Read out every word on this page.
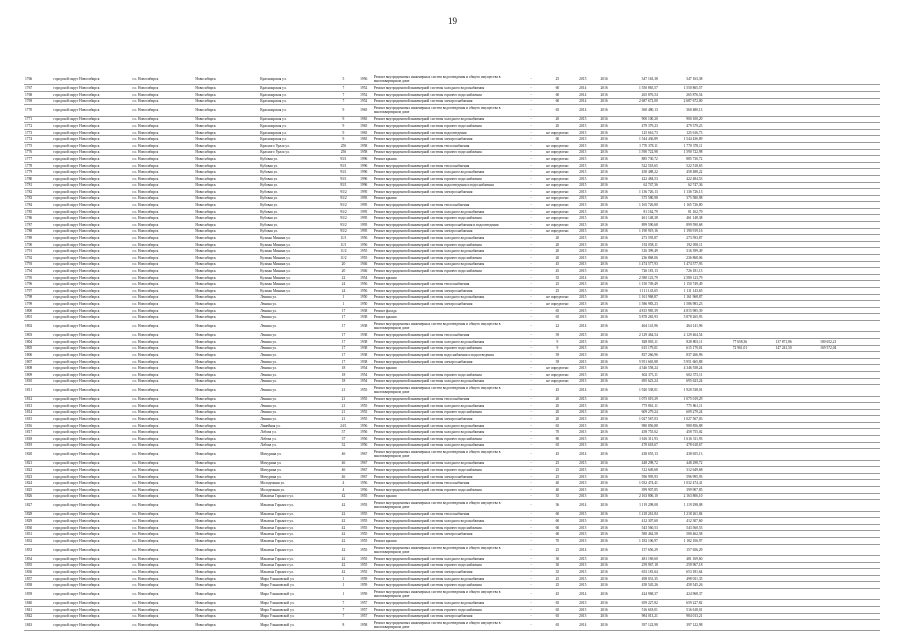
19
1766	городской округ Новосибирск	г.о. Новосибирск	Новосибирск	Красноярская ул.	5	1956	Ремонт внутридомовых инженерных систем водоотведения и общего имущества в многоквартирном доме	-	25	2015	2016	347 163,38	347 163,38				
1767	городской округ Новосибирск	г.о. Новосибирск	Новосибирск	Красноярская ул.	7	1952	Ремонт внутридомовой инженерной системы холодного водоснабжения	-	60	2014	2016	1 550 865,57	1 550 865,57				
1768	городской округ Новосибирск	г.о. Новосибирск	Новосибирск	Красноярская ул.	7	1952	Ремонт внутридомовой инженерной системы горячего водоснабжения	-	60	2014	2016	265 876,54	265 876,54				
1769	городской округ Новосибирск	г.о. Новосибирск	Новосибирск	Красноярская ул.	7	1952	Ремонт внутридомовой инженерной системы электроснабжения	-	60	2014	2016	2 687 672,00	2 687 672,00				
1770	городской округ Новосибирск	г.о. Новосибирск	Новосибирск	Красноярская ул.	9	1965	Ремонт внутридомовых инженерных систем водоотведения и общего имущества в многоквартирном доме	-	65	2014	2016	360 480,13	360 480,13				
1771	городской округ Новосибирск	г.о. Новосибирск	Новосибирск	Красноярская ул.	9	1965	Ремонт внутридомовой инженерной системы холодного водоснабжения	-	20	2015	2016	900 100,20	900 100,20				
1772	городской округ Новосибирск	г.о. Новосибирск	Новосибирск	Красноярская ул.	9	1965	Ремонт внутридомовой инженерной системы горячего водоснабжения	-	20	2015	2016	479 379,23	479 379,23				
1773	городской округ Новосибирск	г.о. Новосибирск	Новосибирск	Красноярская ул.	9	1965	Ремонт внутридомовой инженерной системы водоотведения	-	не определено	2015	2016	125 616,73	125 616,73				
1774	городской округ Новосибирск	г.о. Новосибирск	Новосибирск	Красноярская ул.	9	1965	Ремонт внутридомовой инженерной системы электроснабжения	-	60	2015	2016	1 544 436,89	1 544 436,89				
1775	городской округ Новосибирск	г.о. Новосибирск	Новосибирск	Красного Урала ул.	256	1958	Ремонт внутридомовой инженерной системы теплоснабжения	-	не определено	2015	2016	1 770 378,11	1 770 378,11				
1776	городской округ Новосибирск	г.о. Новосибирск	Новосибирск	Красного Урала ул.	256	1958	Ремонт внутридомовой инженерной системы горячего водоснабжения	-	не определено	2015	2016	1 590 722,98	1 590 722,98				
1777	городской округ Новосибирск	г.о. Новосибирск	Новосибирск	Кубовая ул.	93/1	1996	Ремонт крыши	-	не определено	2015	2016	885 730,72	885 730,72				
1778	городской округ Новосибирск	г.о. Новосибирск	Новосибирск	Кубовая ул.	93/1	1996	Ремонт внутридомовой инженерной системы теплоснабжения	-	не определено	2015	2016	522 518,65	522 518,65				
1779	городской округ Новосибирск	г.о. Новосибирск	Новосибирск	Кубовая ул.	93/1	1996	Ремонт внутридомовой инженерной системы холодного водоснабжения	-	не определено	2015	2016	458 488,22	458 488,22				
1780	городской округ Новосибирск	г.о. Новосибирск	Новосибирск	Кубовая ул.	93/1	1996	Ремонт внутридомовой инженерной системы горячего водоснабжения	-	не определено	2015	2016	422 484,53	422 484,53				
1781	городской округ Новосибирск	г.о. Новосибирск	Новосибирск	Кубовая ул.	93/1	1996	Ремонт внутридомовой инженерной системы водоотведения и водоснабжения	-	не определено	2015	2016	62 747,36	62 747,36				
1782	городской округ Новосибирск	г.о. Новосибирск	Новосибирск	Кубовая ул.	93/2	1995	Ремонт внутридомовой инженерной системы электроснабжения	-	не определено	2015	2016	1 136 726,13	1 136 726,13				
1783	городской округ Новосибирск	г.о. Новосибирск	Новосибирск	Кубовая ул.	93/2	1995	Ремонт крыши	-	не определено	2015	2016	375 580,98	375 580,98				
1784	городской округ Новосибирск	г.о. Новосибирск	Новосибирск	Кубовая ул.	93/2	1995	Ремонт внутридомовой инженерной системы теплоснабжения	-	не определено	2015	2016	1 165 726,80	1 165 726,80				
1785	городской округ Новосибирск	г.о. Новосибирск	Новосибирск	Кубовая ул.	93/2	1995	Ремонт внутридомовой инженерной системы холодного водоснабжения	-	не определено	2015	2016	81 162,79	81 162,79				
1786	городской округ Новосибирск	г.о. Новосибирск	Новосибирск	Кубовая ул.	93/2	1995	Ремонт внутридомовой инженерной системы горячего водоснабжения	-	не определено	2015	2016	461 148,38	461 148,38				
1787	городской округ Новосибирск	г.о. Новосибирск	Новосибирск	Кубовая ул.	93/2	1995	Ремонт внутридомовой инженерной системы электроснабжения и водоотведения	-	не определено	2015	2016	899 590,68	899 590,68				
1788	городской округ Новосибирск	г.о. Новосибирск	Новосибирск	Кубовая ул.	93/2	1995	Ремонт внутридомовой инженерной системы электроснабжения	-	не определено	2015	2016	1 190 919,16	1 190 919,16				
1789	городской округ Новосибирск	г.о. Новосибирск	Новосибирск	Кузьмы Минина ул.	11/1	1956	Ремонт внутридомовой инженерной системы холодного водоснабжения	-	20	2015	2016	273 593,87	273 593,87				
1790	городской округ Новосибирск	г.о. Новосибирск	Новосибирск	Кузьмы Минина ул.	11/1	1956	Ремонт внутридомовой инженерной системы горячего водоснабжения	-	20	2015	2016	192 058,11	192 058,11				
1791	городской округ Новосибирск	г.о. Новосибирск	Новосибирск	Кузьмы Минина ул.	11/2	1955	Ремонт внутридомовой инженерной системы холодного водоснабжения	-	20	2015	2016	316 399,49	316 399,49				
1792	городской округ Новосибирск	г.о. Новосибирск	Новосибирск	Кузьмы Минина ул.	11/2	1955	Ремонт внутридомовой инженерной системы горячего водоснабжения	-	20	2015	2016	236 868,06	236 868,06				
1793	городской округ Новосибирск	г.о. Новосибирск	Новосибирск	Кузьмы Минина ул.	20	1946	Ремонт внутридомовой инженерной системы холодного водоснабжения	-	45	2015	2016	1 474 577,93	1 474 577,93				
1794	городской округ Новосибирск	г.о. Новосибирск	Новосибирск	Кузьмы Минина ул.	20	1946	Ремонт внутридомовой инженерной системы горячего водоснабжения	-	45	2015	2016	726 181,13	726 181,13				
1795	городской округ Новосибирск	г.о. Новосибирск	Новосибирск	Кузьмы Минина ул.	22	1954	Ремонт крыши	-	35	2014	2016	2 580 123,79	2 580 123,79				
1796	городской округ Новосибирск	г.о. Новосибирск	Новосибирск	Кузьмы Минина ул.	24	1956	Ремонт внутридомовой инженерной системы теплоснабжения	-	25	2015	2016	1 150 749,49	1 150 749,49				
1797	городской округ Новосибирск	г.о. Новосибирск	Новосибирск	Кузьмы Минина ул.	24	1956	Ремонт внутридомовой инженерной системы электроснабжения	-	25	2015	2016	1 111 143,65	1 111 143,65				
1798	городской округ Новосибирск	г.о. Новосибирск	Новосибирск	Ленина ул.	1	1950	Ремонт внутридомовой инженерной системы холодного водоснабжения	-	не определено	2015	2016	1 161 968,87	1 161 968,87				
1799	городской округ Новосибирск	г.о. Новосибирск	Новосибирск	Ленина ул.	1	1950	Ремонт внутридомовой инженерной системы электроснабжения	-	не определено	2015	2016	1 586 983,23	1 586 983,23				
1800	городской округ Новосибирск	г.о. Новосибирск	Новосибирск	Ленина ул.	17	1938	Ремонт фасада	-	65	2015	2016	4 815 985,39	4 815 985,39				
1801	городской округ Новосибирск	г.о. Новосибирск	Новосибирск	Ленина ул.	17	1938	Ремонт крыши	-	65	2015	2016	5 878 265,93	5 878 265,93				
1802	городской округ Новосибирск	г.о. Новосибирск	Новосибирск	Ленина ул.	17	1938	Ремонт внутридомовых инженерных систем водоотведения и общего имущества в многоквартирном доме	-	22	2014	2016	464 141,96	464 141,96				
1803	городской округ Новосибирск	г.о. Новосибирск	Новосибирск	Ленина ул.	17	1938	Ремонт внутридомовой инженерной системы теплоснабжения	-	39	2015	2016	2 129 464,54	2 129 464,54				
1804	городской округ Новосибирск	г.о. Новосибирск	Новосибирск	Ленина ул.	17	1938	Ремонт внутридомовой инженерной системы холодного водоснабжения	-	9	2015	2016	828 803,11	828 803,11	77 658,36	137 871,86	180 652,21	
1805	городской округ Новосибирск	г.о. Новосибирск	Новосибирск	Ленина ул.	17	1938	Ремонт внутридомовой инженерной системы горячего водоснабжения	-	9	2015	2016	615 179,01	615 179,01	72 961,01	147 241,50	169 572,04	
1806	городской округ Новосибирск	г.о. Новосибирск	Новосибирск	Ленина ул.	17	1938	Ремонт внутридомовой инженерной системы водоснабжения и водоотведения	-	39	2015	2016	837 266,96	837 266,96				
1807	городской округ Новосибирск	г.о. Новосибирск	Новосибирск	Ленина ул.	17	1938	Ремонт внутридомовой инженерной системы электроснабжения	-	39	2015	2016	5 951 665,88	5 951 665,88				
1808	городской округ Новосибирск	г.о. Новосибирск	Новосибирск	Ленина ул.	18	1954	Ремонт крыши	-	не определено	2015	2016	4 346 558,24	4 346 558,24				
1809	городской округ Новосибирск	г.о. Новосибирск	Новосибирск	Ленина ул.	18	1954	Ремонт внутридомовой инженерной системы горячего водоснабжения	-	не определено	2015	2016	602 373,11	602 373,11				
1810	городской округ Новосибирск	г.о. Новосибирск	Новосибирск	Ленина ул.	18	1954	Ремонт внутридомовой инженерной системы холодного водоснабжения	-	не определено	2015	2016	695 623,24	695 623,24				
1811	городской округ Новосибирск	г.о. Новосибирск	Новосибирск	Ленина ул.	21	1955	Ремонт внутридомовых инженерных систем водоотведения и общего имущества в многоквартирном доме	-	45	2014	2016	1 920 538,01	1 920 538,01				
1812	городской округ Новосибирск	г.о. Новосибирск	Новосибирск	Ленина ул.	21	1955	Ремонт внутридомовой инженерной системы теплоснабжения	-	20	2015	2016	1 075 019,29	1 075 019,29				
1813	городской округ Новосибирск	г.о. Новосибирск	Новосибирск	Ленина ул.	21	1955	Ремонт внутридомовой инженерной системы холодного водоснабжения	-	20	2015	2016	775 861,11	775 861,11				
1814	городской округ Новосибирск	г.о. Новосибирск	Новосибирск	Ленина ул.	21	1955	Ремонт внутридомовой инженерной системы горячего водоснабжения	-	20	2015	2016	609 279,24	609 279,24				
1815	городской округ Новосибирск	г.о. Новосибирск	Новосибирск	Ленина ул.	21	1955	Ремонт внутридомовой инженерной системы электроснабжения	-	20	2015	2016	1 027 567,03	1 027 567,03				
1816	городской округ Новосибирск	г.о. Новосибирск	Новосибирск	Линейная ул.	24/1	1956	Ремонт внутридомовой инженерной системы холодного водоснабжения	-	65	2015	2016	980 856,88	980 856,88				
1817	городской округ Новосибирск	г.о. Новосибирск	Новосибирск	Лобова ул.	37	1956	Ремонт внутридомовой инженерной системы холодного водоснабжения	-	70	2015	2016	458 755,02	458 755,02				
1818	городской округ Новосибирск	г.о. Новосибирск	Новосибирск	Лобова ул.	37	1956	Ремонт внутридомовой инженерной системы горячего водоснабжения	-	80	2015	2016	1 616 311,93	1 616 311,93				
1819	городской округ Новосибирск	г.о. Новосибирск	Новосибирск	Лобова ул.	32	1956	Ремонт внутридомовой инженерной системы холодного водоснабжения	-	65	2015	2016	478 618,67	478 618,67				
1820	городской округ Новосибирск	г.о. Новосибирск	Новосибирск	Мичурина ул.	46	1967	Ремонт внутридомовых инженерных систем водоотведения и общего имущества в многоквартирном доме	-	45	2014	2016	438 655,13	438 655,13				
1821	городской округ Новосибирск	г.о. Новосибирск	Новосибирск	Мичурина ул.	46	1967	Ремонт внутридомовой инженерной системы холодного водоснабжения	-	25	2015	2016	448 298,72	448 298,72				
1822	городской округ Новосибирск	г.о. Новосибирск	Новосибирск	Мичурина ул.	46	1967	Ремонт внутридомовой инженерной системы горячего водоснабжения	-	25	2015	2016	312 649,68	312 649,68				
1823	городской округ Новосибирск	г.о. Новосибирск	Новосибирск	Мичурина ул.	46	1967	Ремонт внутридомовой инженерной системы электроснабжения	-	25	2015	2016	596 995,93	596 995,93				
1824	городской округ Новосибирск	г.о. Новосибирск	Новосибирск	Молодежная ул.	4	1956	Ремонт внутридомовой инженерной системы теплоснабжения	-	40	2015	2016	1 032 474,41	1 032 474,41				
1825	городской округ Новосибирск	г.о. Новосибирск	Новосибирск	Молодежная ул.	4	1956	Ремонт внутридомовой инженерной системы горячего водоснабжения	-	40	2015	2016	399 907,85	399 907,85				
1826	городской округ Новосибирск	г.о. Новосибирск	Новосибирск	Максима Горького ул.	42	1955	Ремонт крыши	-	35	2015	2016	2 163 806,10	2 163 806,10				
1827	городской округ Новосибирск	г.о. Новосибирск	Новосибирск	Максима Горького ул.	42	1955	Ремонт внутридомовых инженерных систем водоотведения и общего имущества в многоквартирном доме	-	36	2014	2016	1 119 298,08	1 119 298,08				
1828	городской округ Новосибирск	г.о. Новосибирск	Новосибирск	Максима Горького ул.	42	1955	Ремонт внутридомовой инженерной системы теплоснабжения	-	60	2015	2016	1 218 261,84	1 218 261,84				
1829	городской округ Новосибирск	г.о. Новосибирск	Новосибирск	Максима Горького ул.	42	1955	Ремонт внутридомовой инженерной системы холодного водоснабжения	-	60	2015	2016	412 307,60	412 307,60				
1830	городской округ Новосибирск	г.о. Новосибирск	Новосибирск	Максима Горького ул.	42	1955	Ремонт внутридомовой инженерной системы горячего водоснабжения	-	60	2015	2016	543 560,53	543 560,53				
1831	городской округ Новосибирск	г.о. Новосибирск	Новосибирск	Максима Горького ул.	42	1955	Ремонт внутридомовой инженерной системы электроснабжения	-	60	2015	2016	580 462,58	580 462,58				
1832	городской округ Новосибирск	г.о. Новосибирск	Новосибирск	Максима Горького ул.	42	1955	Ремонт крыши	-	70	2015	2016	1 182 106,97	1 182 106,97				
1833	городской округ Новосибирск	г.о. Новосибирск	Новосибирск	Максима Горького ул.	42	1955	Ремонт внутридомовых инженерных систем водоотведения и общего имущества в многоквартирном доме	-	25	2014	2016	157 656,29	157 656,29				
1834	городской округ Новосибирск	г.о. Новосибирск	Новосибирск	Максима Горького ул.	42	1955	Ремонт внутридомовой инженерной системы холодного водоснабжения	-	30	2015	2016	481 169,60	481 169,60				
1835	городской округ Новосибирск	г.о. Новосибирск	Новосибирск	Максима Горького ул.	42	1955	Ремонт внутридомовой инженерной системы горячего водоснабжения	-	30	2015	2016	259 967,18	259 967,18				
1836	городской округ Новосибирск	г.о. Новосибирск	Новосибирск	Максима Горького ул.	42	1955	Ремонт внутридомовой инженерной системы электроснабжения	-	35	2015	2016	653 181,64	653 181,64				
1837	городской округ Новосибирск	г.о. Новосибирск	Новосибирск	Мира Ульяновской ул.	1	1959	Ремонт внутридомовой инженерной системы холодного водоснабжения	-	25	2015	2016	498 031,35	498 031,35				
1838	городской округ Новосибирск	г.о. Новосибирск	Новосибирск	Мира Ульяновской ул.	1	1959	Ремонт внутридомовой инженерной системы горячего водоснабжения	-	25	2015	2016	458 545,26	458 545,26				
1839	городской округ Новосибирск	г.о. Новосибирск	Новосибирск	Мира Ульяновской ул.	1	1959	Ремонт внутридомовых инженерных систем водоотведения и общего имущества в многоквартирном доме	-	45	2014	2016	424 968,37	424 968,37				
1840	городской округ Новосибирск	г.о. Новосибирск	Новосибирск	Мира Ульяновской ул.	7	1957	Ремонт внутридомовой инженерной системы холодного водоснабжения	-	65	2015	2016	659 227,82	659 227,82				
1841	городской округ Новосибирск	г.о. Новосибирск	Новосибирск	Мира Ульяновской ул.	7	1957	Ремонт внутридомовой инженерной системы горячего водоснабжения	-	65	2015	2016	516 618,01	516 618,01				
1842	городской округ Новосибирск	г.о. Новосибирск	Новосибирск	Мира Ульяновской ул.	7	1957	Ремонт внутридомовой инженерной системы электроснабжения	-	65	2015	2016	984 013,21	984 013,21				
1843	городской округ Новосибирск	г.о. Новосибирск	Новосибирск	Мира Ульяновской ул.	8	1958	Ремонт внутридомовых инженерных систем водоотведения и общего имущества в многоквартирном доме	-	65	2014	2016	397 122,98	397 122,98				
